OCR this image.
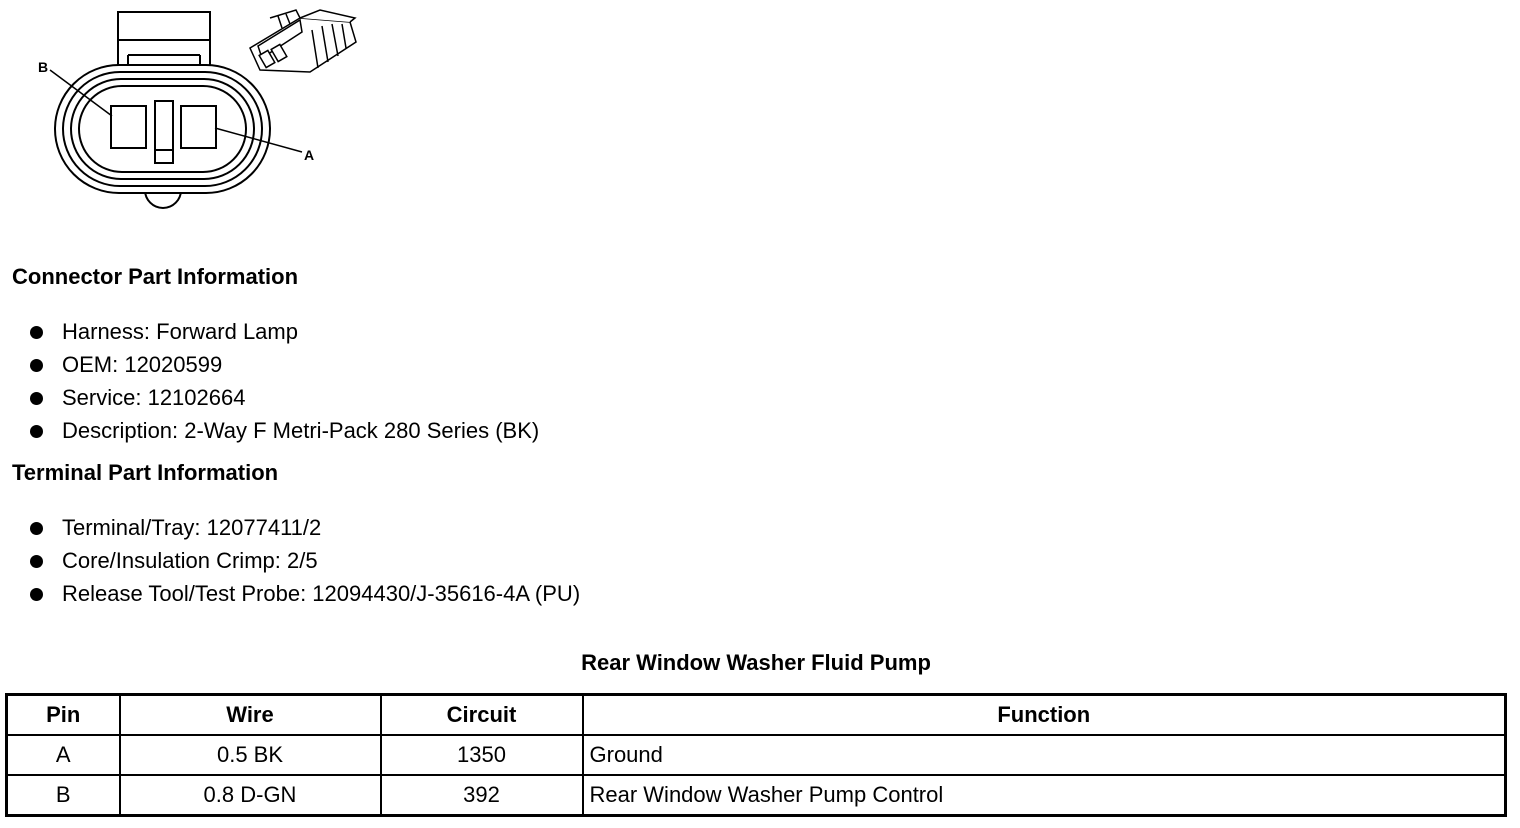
B
A
Connector Part Information
Harness: Forward Lamp
OEM: 12020599
Service: 12102664
Description: 2-Way F Metri-Pack 280 Series (BK)
Terminal Part Information
Terminal/Tray: 12077411/2
Core/Insulation Crimp: 2/5
Release Tool/Test Probe: 12094430/J-35616-4A (PU)
Rear Window Washer Fluid Pump
Pin	Wire	Circuit	Function
A	0.5 BK	1350	Ground
B	0.8 D-GN	392	Rear Window Washer Pump Control
